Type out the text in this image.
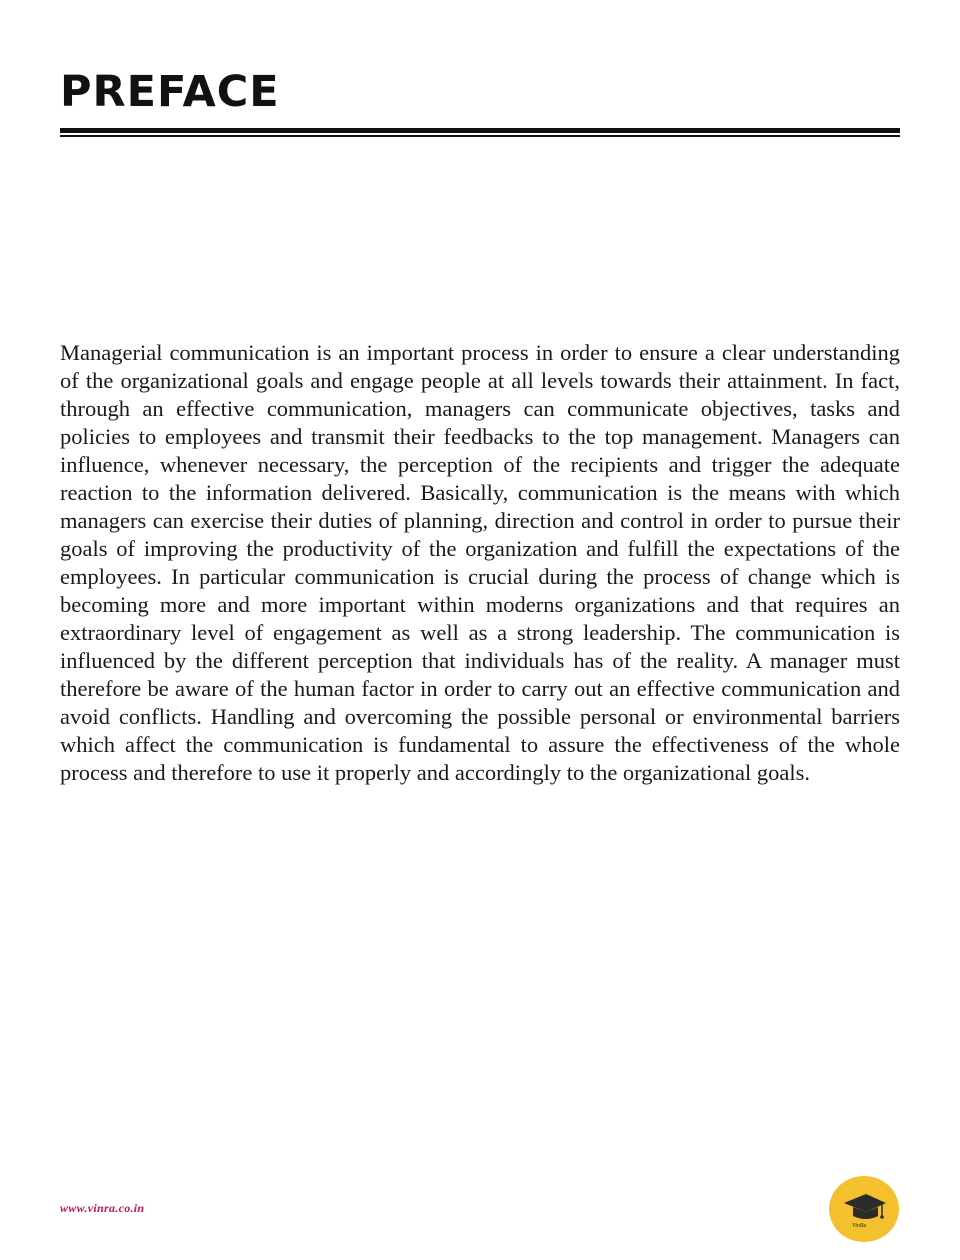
PREFACE

Managerial communication is an important process in order to ensure a clear understanding of the organizational goals and engage people at all levels towards their attainment. In fact, through an effective communication, managers can communicate objectives, tasks and policies to employees and transmit their feedbacks to the top management. Managers can influence, whenever necessary, the perception of the recipients and trigger the adequate reaction to the information delivered. Basically, communication is the means with which managers can exercise their duties of planning, direction and control in order to pursue their goals of improving the productivity of the organization and fulfill the expectations of the employees. In particular communication is crucial during the process of change which is becoming more and more important within moderns organizations and that requires an extraordinary level of engagement as well as a strong leadership. The communication is influenced by the different perception that individuals has of the reality. A manager must therefore be aware of the human factor in order to carry out an effective communication and avoid conflicts. Handling and overcoming the possible personal or environmental barriers which affect the communication is fundamental to assure the effectiveness of the whole process and therefore to use it properly and accordingly to the organizational goals.

www.vinra.co.in
VinRa
